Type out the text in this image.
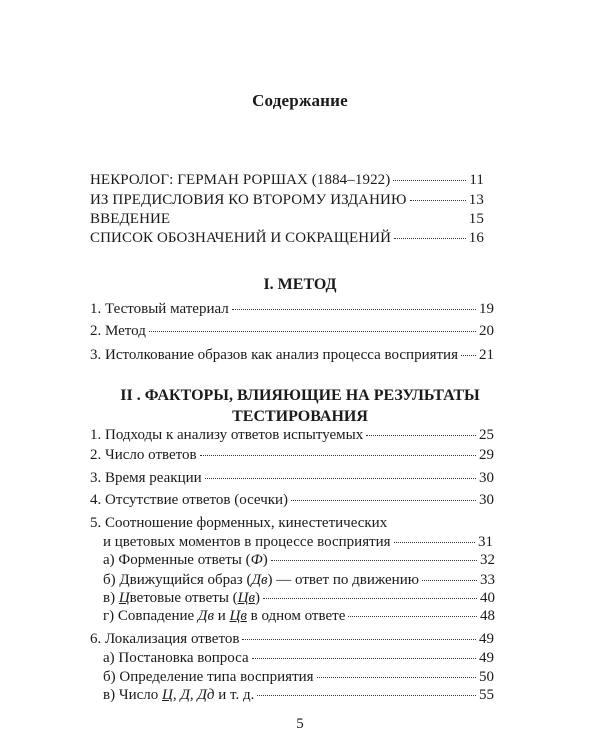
Содержание
НЕКРОЛОГ: ГЕРМАН РОРШАХ (1884–1922)	11
ИЗ ПРЕДИСЛОВИЯ КО ВТОРОМУ ИЗДАНИЮ	13
ВВЕДЕНИЕ	15
СПИСОК ОБОЗНАЧЕНИЙ И СОКРАЩЕНИЙ	16
I. МЕТОД
1. Тестовый материал	19
2. Метод	20
3. Истолкование образов как анализ процесса восприятия 21
II . ФАКТОРЫ, ВЛИЯЮЩИЕ НА РЕЗУЛЬТАТЫ
ТЕСТИРОВАНИЯ
1. Подходы к анализу ответов испытуемых	25
2. Число ответов	29
3. Время реакции	30
4. Отсутствие ответов (осечки)	30
5. Соотношение форменных, кинестетических
и цветовых моментов в процессе восприятия	31
а) Форменные ответы (Ф)	32
б) Движущийся образ (Дв) — ответ по движению	33
в) Цветовые ответы (Цв)	40
г) Совпадение Дв и Цв в одном ответе	48
6. Локализация ответов	49
а) Постановка вопроса	49
б) Определение типа восприятия	50
в) Число Ц, Д, Дд и т. д.	55
5
